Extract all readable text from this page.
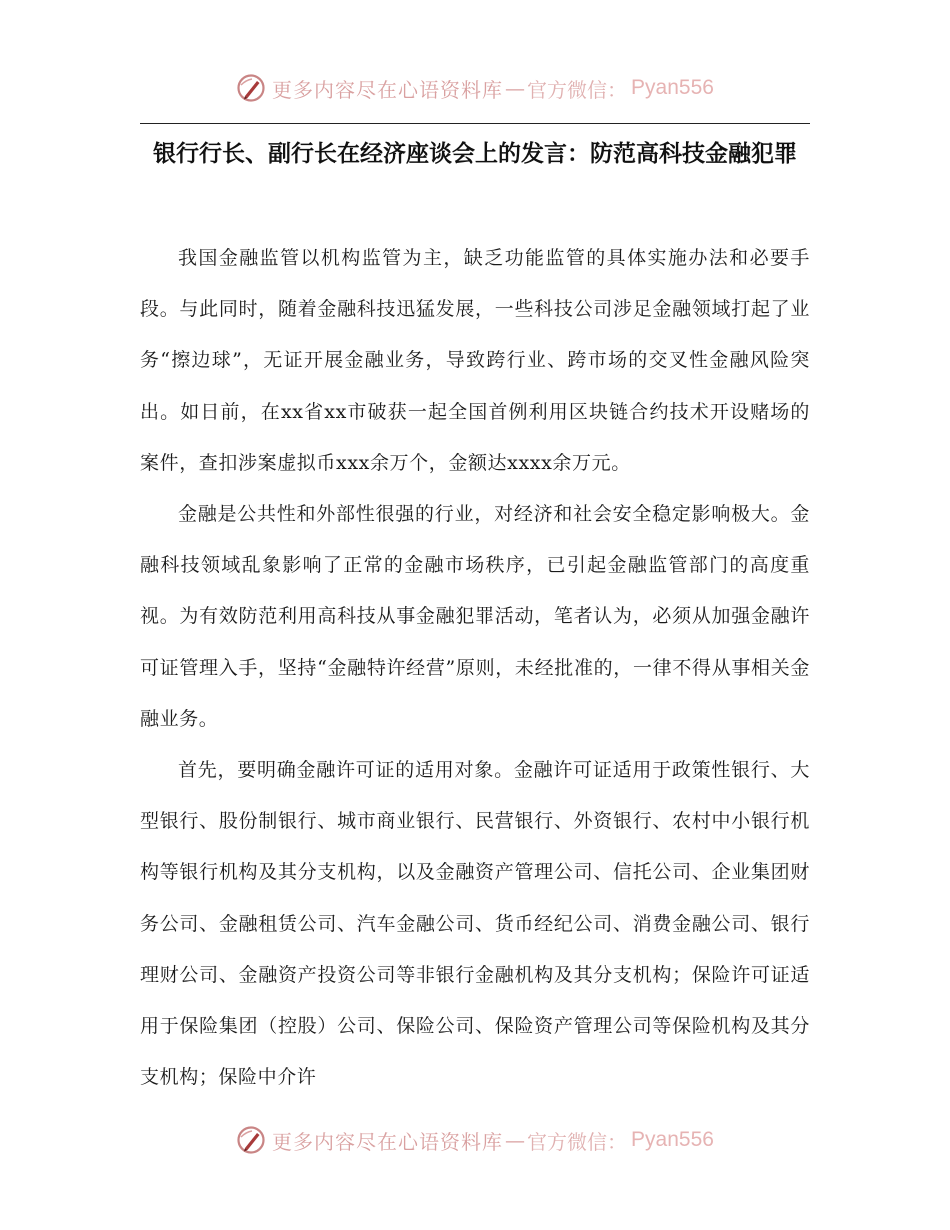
更多内容尽在心语资料库 — 官方微信： Pyan556
银行行长、副行长在经济座谈会上的发言：防范高科技金融犯罪

我国金融监管以机构监管为主，缺乏功能监管的具体实施办法和必要手段。与此同时，随着金融科技迅猛发展，一些科技公司涉足金融领域打起了业务“擦边球”，无证开展金融业务，导致跨行业、跨市场的交叉性金融风险突出。如日前，在xx省xx市破获一起全国首例利用区块链合约技术开设赌场的案件，查扣涉案虚拟币xxx余万个，金额达xxxx余万元。

金融是公共性和外部性很强的行业，对经济和社会安全稳定影响极大。金融科技领域乱象影响了正常的金融市场秩序，已引起金融监管部门的高度重视。为有效防范利用高科技从事金融犯罪活动，笔者认为，必须从加强金融许可证管理入手，坚持“金融特许经营”原则，未经批准的，一律不得从事相关金融业务。

首先，要明确金融许可证的适用对象。金融许可证适用于政策性银行、大型银行、股份制银行、城市商业银行、民营银行、外资银行、农村中小银行机构等银行机构及其分支机构，以及金融资产管理公司、信托公司、企业集团财务公司、金融租赁公司、汽车金融公司、货币经纪公司、消费金融公司、银行理财公司、金融资产投资公司等非银行金融机构及其分支机构；保险许可证适用于保险集团（控股）公司、保险公司、保险资产管理公司等保险机构及其分支机构；保险中介许

更多内容尽在心语资料库 — 官方微信： Pyan556
